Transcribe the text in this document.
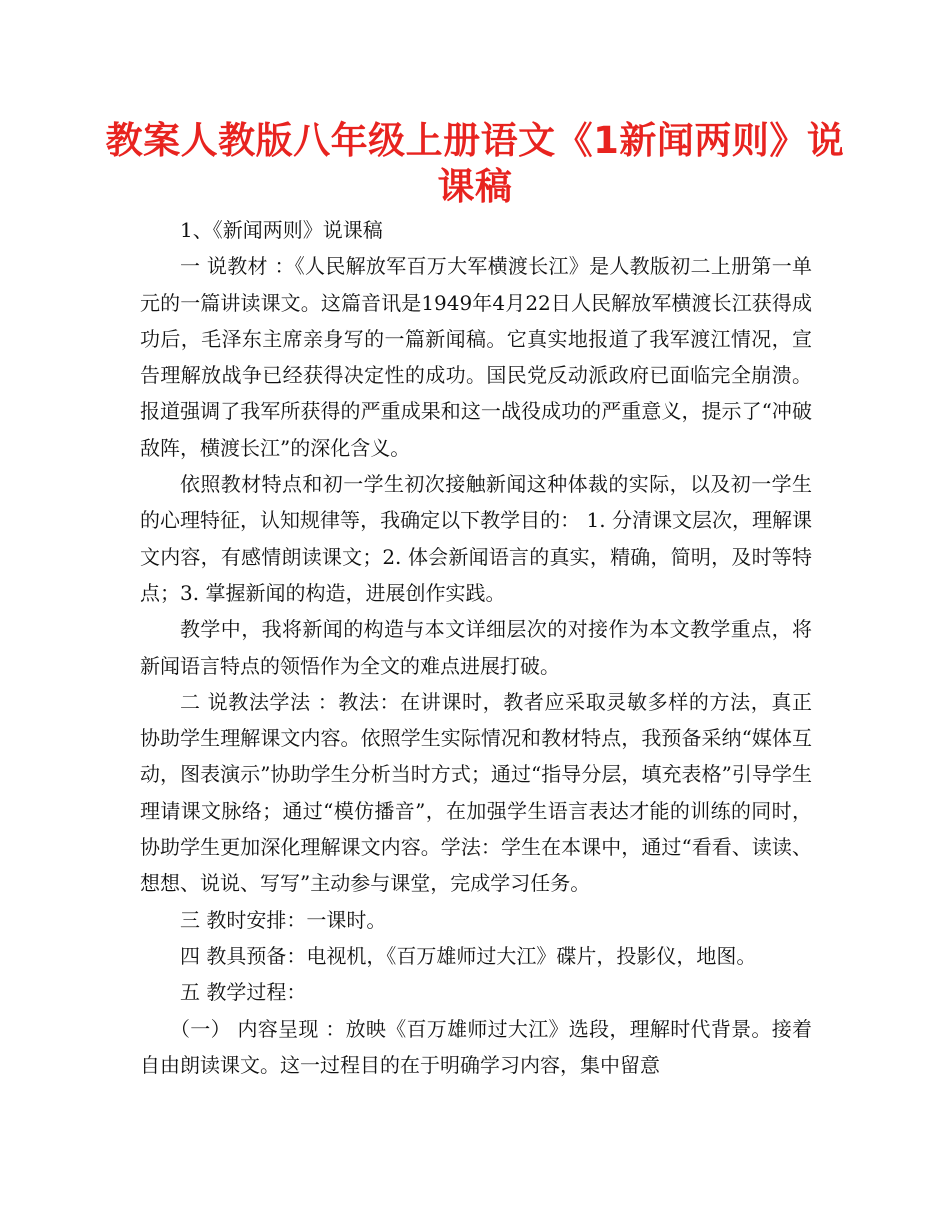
教案人教版八年级上册语文《1新闻两则》说课稿

1、《新闻两则》说课稿

一 说教材 ：《人民解放军百万大军横渡长江》是人教版初二上册第一单元的一篇讲读课文。这篇音讯是1949年4月22日人民解放军横渡长江获得成功后，毛泽东主席亲身写的一篇新闻稿。它真实地报道了我军渡江情况，宣告理解放战争已经获得决定性的成功。国民党反动派政府已面临完全崩溃。报道强调了我军所获得的严重成果和这一战役成功的严重意义，提示了“冲破敌阵，横渡长江”的深化含义。

依照教材特点和初一学生初次接触新闻这种体裁的实际，以及初一学生的心理特征，认知规律等，我确定以下教学目的： 1. 分清课文层次，理解课文内容，有感情朗读课文；2. 体会新闻语言的真实，精确，简明，及时等特点；3. 掌握新闻的构造，进展创作实践。

教学中，我将新闻的构造与本文详细层次的对接作为本文教学重点，将新闻语言特点的领悟作为全文的难点进展打破。

二 说教法学法 ：教法：在讲课时，教者应采取灵敏多样的方法，真正协助学生理解课文内容。依照学生实际情况和教材特点，我预备采纳“媒体互动，图表演示”协助学生分析当时方式；通过“指导分层，填充表格”引导学生理请课文脉络；通过“模仿播音”，在加强学生语言表达才能的训练的同时，协助学生更加深化理解课文内容。学法：学生在本课中，通过“看看、读读、想想、说说、写写”主动参与课堂，完成学习任务。

三 教时安排：一课时。

四 教具预备：电视机，《百万雄师过大江》碟片，投影仪，地图。

五 教学过程：

（一） 内容呈现 ：放映《百万雄师过大江》选段，理解时代背景。接着自由朗读课文。这一过程目的在于明确学习内容，集中留意
